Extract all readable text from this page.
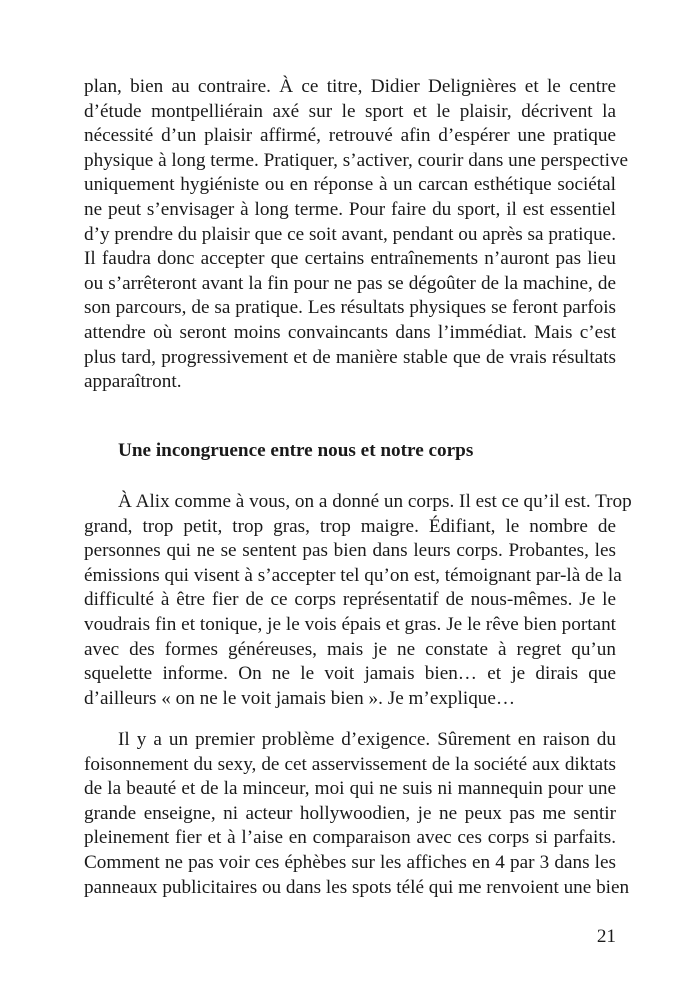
plan, bien au contraire. À ce titre, Didier Delignières et le centre
d’étude montpelliérain axé sur le sport et le plaisir, décrivent la
nécessité d’un plaisir affirmé, retrouvé afin d’espérer une pratique
physique à long terme. Pratiquer, s’activer, courir dans une perspective
uniquement hygiéniste ou en réponse à un carcan esthétique sociétal
ne peut s’envisager à long terme. Pour faire du sport, il est essentiel
d’y prendre du plaisir que ce soit avant, pendant ou après sa pratique.
Il faudra donc accepter que certains entraînements n’auront pas lieu
ou s’arrêteront avant la fin pour ne pas se dégoûter de la machine, de
son parcours, de sa pratique. Les résultats physiques se feront parfois
attendre où seront moins convaincants dans l’immédiat. Mais c’est
plus tard, progressivement et de manière stable que de vrais résultats
apparaîtront.
Une incongruence entre nous et notre corps
À Alix comme à vous, on a donné un corps. Il est ce qu’il est. Trop
grand, trop petit, trop gras, trop maigre. Édifiant, le nombre de
personnes qui ne se sentent pas bien dans leurs corps. Probantes, les
émissions qui visent à s’accepter tel qu’on est, témoignant par-là de la
difficulté à être fier de ce corps représentatif de nous-mêmes. Je le
voudrais fin et tonique, je le vois épais et gras. Je le rêve bien portant
avec des formes généreuses, mais je ne constate à regret qu’un
squelette informe. On ne le voit jamais bien… et je dirais que
d’ailleurs « on ne le voit jamais bien ». Je m’explique…
Il y a un premier problème d’exigence. Sûrement en raison du
foisonnement du sexy, de cet asservissement de la société aux diktats
de la beauté et de la minceur, moi qui ne suis ni mannequin pour une
grande enseigne, ni acteur hollywoodien, je ne peux pas me sentir
pleinement fier et à l’aise en comparaison avec ces corps si parfaits.
Comment ne pas voir ces éphèbes sur les affiches en 4 par 3 dans les
panneaux publicitaires ou dans les spots télé qui me renvoient une bien
21
